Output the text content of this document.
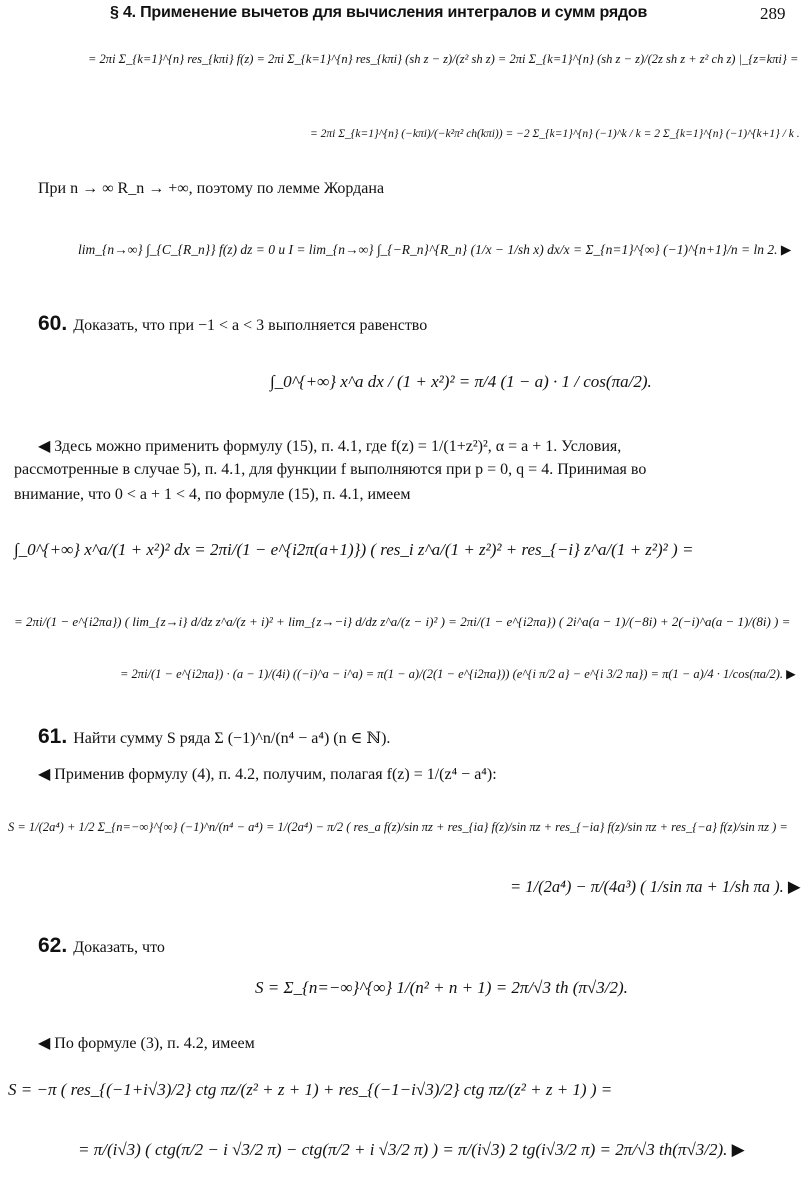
§ 4. Применение вычетов для вычисления интегралов и сумм рядов	289
= 2πi Σ_{k=1}^{n} res_{kπi} f(z) = 2πi Σ_{k=1}^{n} res_{kπi} (sh z − z)/(z² sh z) = 2πi Σ_{k=1}^{n} (sh z − z)/(2z sh z + z² ch z) |_{z=kπi} =
= 2πi Σ_{k=1}^{n} (−kπi)/(−k²π² ch(kπi)) = −2 Σ_{k=1}^{n} (−1)^k / k = 2 Σ_{k=1}^{n} (−1)^{k+1} / k .
При n → ∞ R_n → +∞, поэтому по лемме Жордана
lim_{n→∞} ∫_{C_{R_n}} f(z) dz = 0 и I = lim_{n→∞} ∫_{−R_n}^{R_n} (1/x − 1/sh x) dx/x = Σ_{n=1}^{∞} (−1)^{n+1}/n = ln 2. ▶
60. Доказать, что при −1 < a < 3 выполняется равенство
∫_0^{+∞} x^a dx / (1 + x²)² = π/4 (1 − a) · 1 / cos(πa/2).
◀ Здесь можно применить формулу (15), п. 4.1, где f(z) = 1/(1+z²)², α = a + 1. Условия,
рассмотренные в случае 5), п. 4.1, для функции f выполняются при p = 0, q = 4. Принимая во
внимание, что 0 < a + 1 < 4, по формуле (15), п. 4.1, имеем
∫_0^{+∞} x^a/(1 + x²)² dx = 2πi/(1 − e^{i2π(a+1)}) ( res_i z^a/(1 + z²)² + res_{−i} z^a/(1 + z²)² ) =
= 2πi/(1 − e^{i2πa}) ( lim_{z→i} d/dz z^a/(z + i)² + lim_{z→−i} d/dz z^a/(z − i)² ) = 2πi/(1 − e^{i2πa}) ( 2i^a(a − 1)/(−8i) + 2(−i)^a(a − 1)/(8i) ) =
= 2πi/(1 − e^{i2πa}) · (a − 1)/(4i) ((−i)^a − i^a) = π(1 − a)/(2(1 − e^{i2πa})) (e^{i π/2 a} − e^{i 3/2 πa}) = π(1 − a)/4 · 1/cos(πa/2). ▶
61. Найти сумму S ряда Σ (−1)^n/(n⁴ − a⁴) (n ∈ ℕ).
◀ Применив формулу (4), п. 4.2, получим, полагая f(z) = 1/(z⁴ − a⁴):
S = 1/(2a⁴) + 1/2 Σ_{n=−∞}^{∞} (−1)^n/(n⁴ − a⁴) = 1/(2a⁴) − π/2 ( res_a f(z)/sin πz + res_{ia} f(z)/sin πz + res_{−ia} f(z)/sin πz + res_{−a} f(z)/sin πz ) =
= 1/(2a⁴) − π/(4a³) ( 1/sin πa + 1/sh πa ). ▶
62. Доказать, что
S = Σ_{n=−∞}^{∞} 1/(n² + n + 1) = 2π/√3 th (π√3/2).
◀ По формуле (3), п. 4.2, имеем
S = −π ( res_{(−1+i√3)/2} ctg πz/(z² + z + 1) + res_{(−1−i√3)/2} ctg πz/(z² + z + 1) ) =
= π/(i√3) ( ctg(π/2 − i √3/2 π) − ctg(π/2 + i √3/2 π) ) = π/(i√3) 2 tg(i√3/2 π) = 2π/√3 th(π√3/2). ▶
